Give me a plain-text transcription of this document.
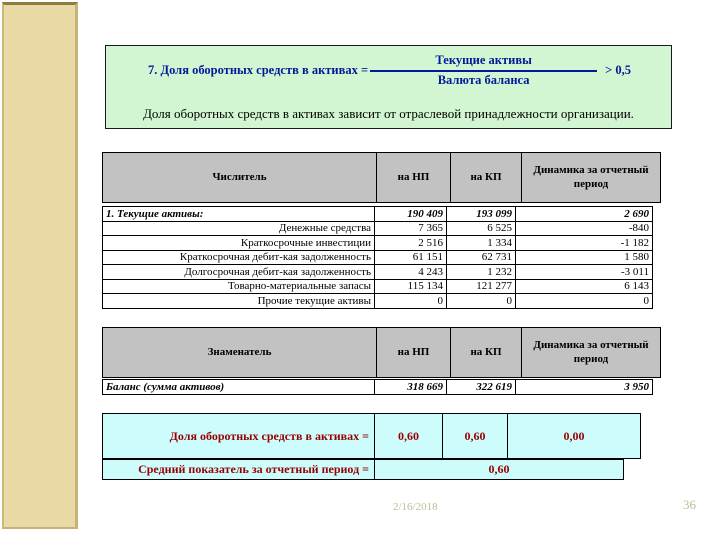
7. Доля оборотных средств в активах = $\frac{\text{Текущие активы}}{\text{Валюта баланса}} > 0,5$
Доля оборотных средств в активах зависит от отраслевой принадлежности организации.
Числитель	на НП	на КП	Динамика за отчетный период
1. Текущие активы:	190 409	193 099	2 690
Денежные средства	7 365	6 525	-840
Краткосрочные инвестиции	2 516	1 334	-1 182
Краткосрочная дебит-кая задолженность	61 151	62 731	1 580
Долгосрочная дебит-кая задолженность	4 243	1 232	-3 011
Товарно-материальные запасы	115 134	121 277	6 143
Прочие текущие активы	0	0	0
Знаменатель	на НП	на КП	Динамика за отчетный период
Баланс (сумма активов)	318 669	322 619	3 950
Доля оборотных средств в активах =	0,60	0,60	0,00
Средний показатель за отчетный период =	0,60
2/16/2018	36
